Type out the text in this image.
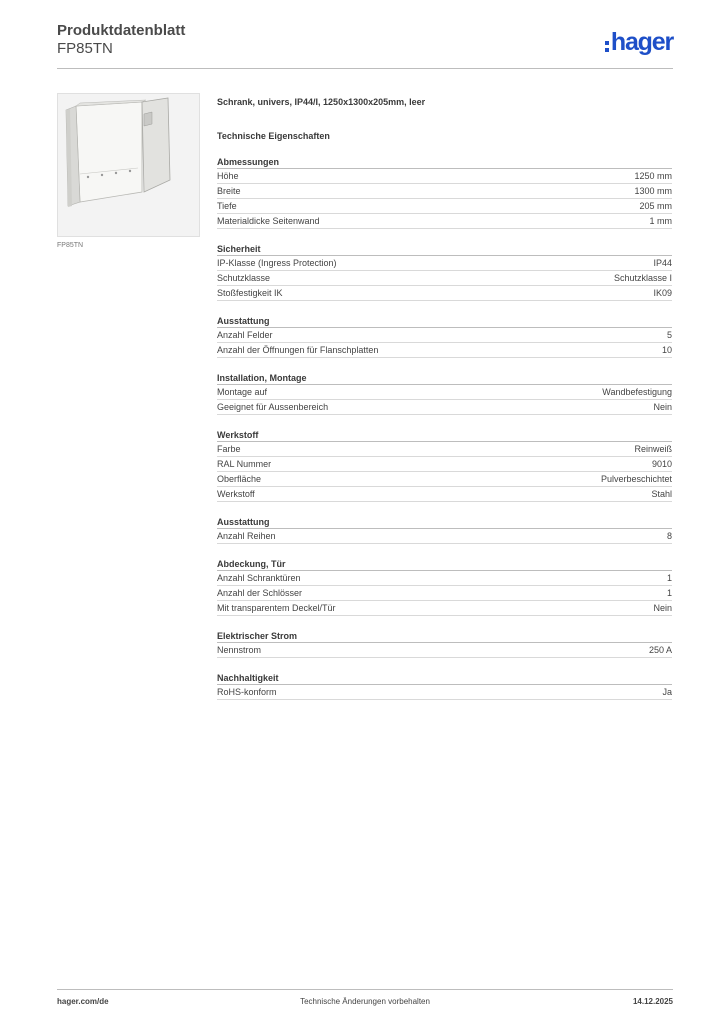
Produktdatenblatt
FP85TN	hager
FP85TN
Schrank, univers, IP44/I, 1250x1300x205mm, leer
Technische Eigenschaften
Abmessungen
Höhe	1250 mm
Breite	1300 mm
Tiefe	205 mm
Materialdicke Seitenwand	1 mm
Sicherheit
IP-Klasse (Ingress Protection)	IP44
Schutzklasse	Schutzklasse I
Stoßfestigkeit IK	IK09
Ausstattung
Anzahl Felder	5
Anzahl der Öffnungen für Flanschplatten	10
Installation, Montage
Montage auf	Wandbefestigung
Geeignet für Aussenbereich	Nein
Werkstoff
Farbe	Reinweiß
RAL Nummer	9010
Oberfläche	Pulverbeschichtet
Werkstoff	Stahl
Ausstattung
Anzahl Reihen	8
Abdeckung, Tür
Anzahl Schranktüren	1
Anzahl der Schlösser	1
Mit transparentem Deckel/Tür	Nein
Elektrischer Strom
Nennstrom	250 A
Nachhaltigkeit
RoHS-konform	Ja
hager.com/de	Technische Änderungen vorbehalten	14.12.2025
